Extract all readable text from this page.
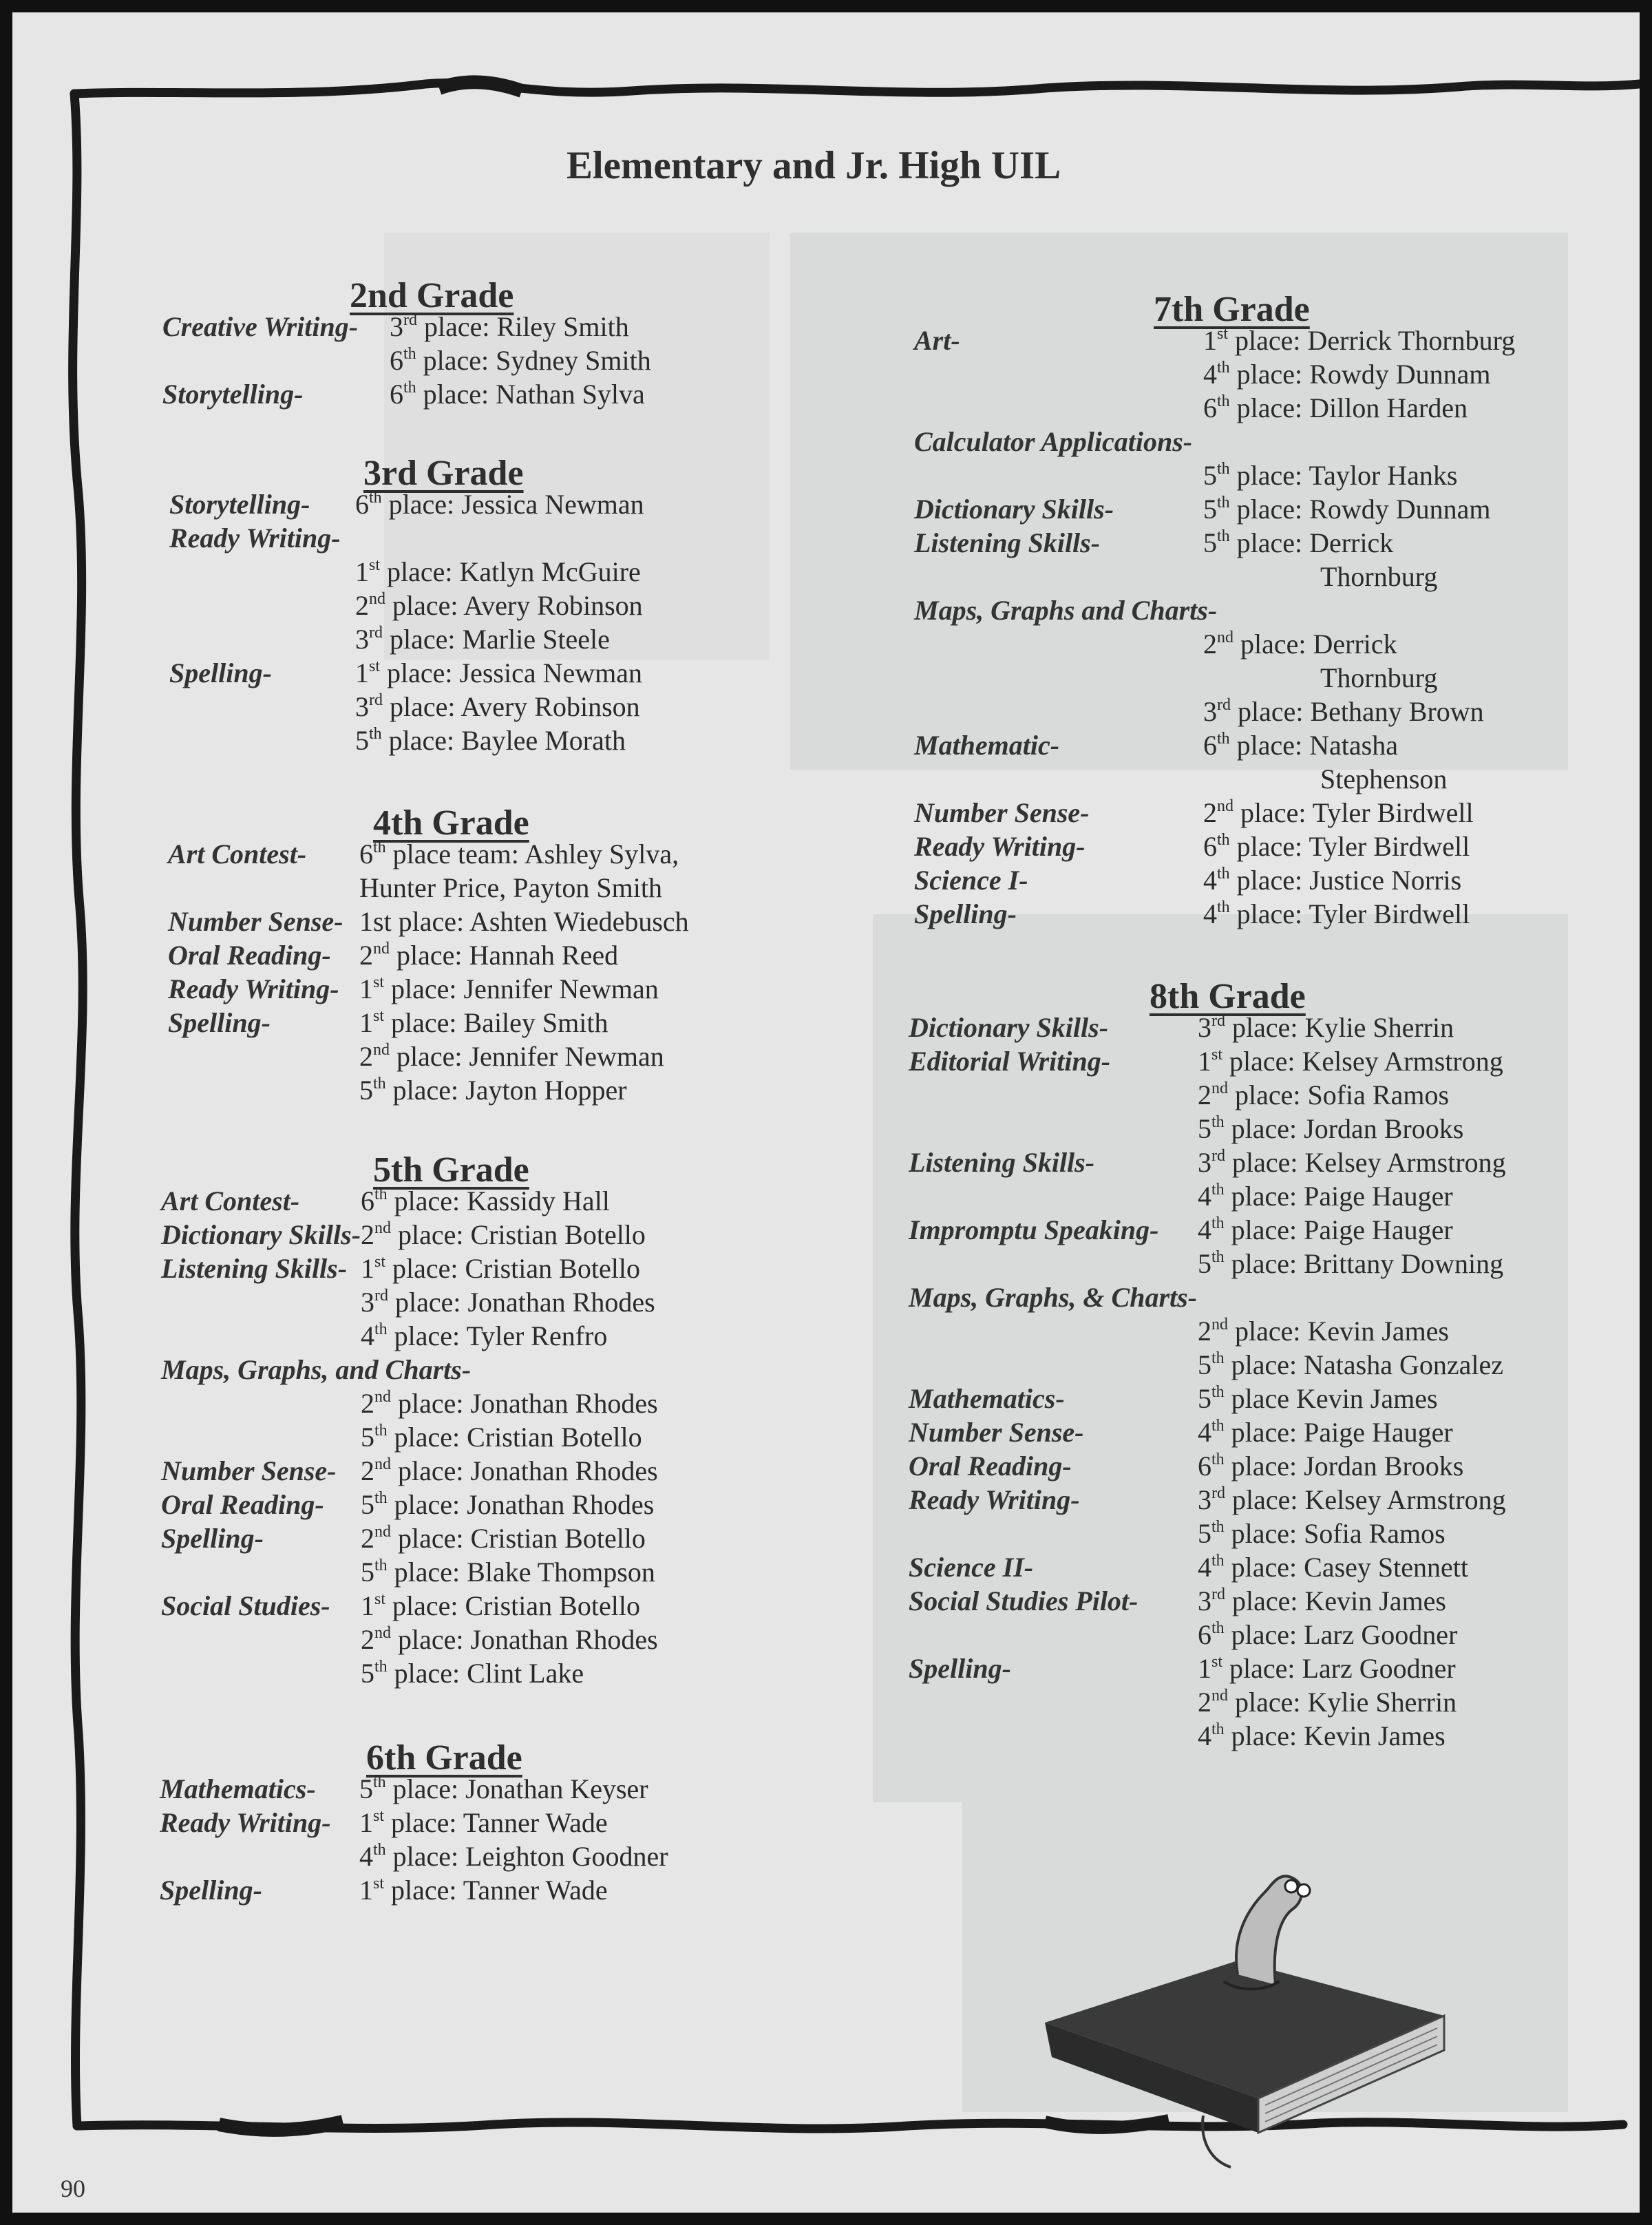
Elementary and Jr. High UIL
90
2nd Grade
Creative Writing- 3rd place: Riley Smith
6th place: Sydney Smith
Storytelling-	6th place: Nathan Sylva
3rd Grade
Storytelling- 6th place: Jessica Newman
Ready Writing-
1st place: Katlyn McGuire
2nd place: Avery Robinson
3rd place: Marlie Steele
Spelling-	1st place: Jessica Newman
3rd place: Avery Robinson
5th place: Baylee Morath
4th Grade
Art Contest- 6th place team: Ashley Sylva,
Hunter Price, Payton Smith
Number Sense- 1st place: Ashten Wiedebusch
Oral Reading- 2nd place: Hannah Reed
Ready Writing- 1st place: Jennifer Newman
Spelling-	1st place: Bailey Smith
2nd place: Jennifer Newman
5th place: Jayton Hopper
5th Grade
Art Contest- 6th place: Kassidy Hall
Dictionary Skills- 2nd place: Cristian Botello
Listening Skills- 1st place: Cristian Botello
3rd place: Jonathan Rhodes
4th place: Tyler Renfro
Maps, Graphs, and Charts-
2nd place: Jonathan Rhodes
5th place: Cristian Botello
Number Sense- 2nd place: Jonathan Rhodes
Oral Reading- 5th place: Jonathan Rhodes
Spelling-	2nd place: Cristian Botello
5th place: Blake Thompson
Social Studies- 1st place: Cristian Botello
2nd place: Jonathan Rhodes
5th place: Clint Lake
6th Grade
Mathematics- 5th place: Jonathan Keyser
Ready Writing- 1st place: Tanner Wade
4th place: Leighton Goodner
Spelling-	1st place: Tanner Wade
7th Grade
Art-	1st place: Derrick Thornburg
4th place: Rowdy Dunnam
6th place: Dillon Harden
Calculator Applications-
5th place: Taylor Hanks
Dictionary Skills-	5th place: Rowdy Dunnam
Listening Skills-	5th place: Derrick
Thornburg
Maps, Graphs and Charts-
2nd place: Derrick
Thornburg
3rd place: Bethany Brown
Mathematic-	6th place: Natasha
Stephenson
Number Sense-	2nd place: Tyler Birdwell
Ready Writing-	6th place: Tyler Birdwell
Science I-	4th place: Justice Norris
Spelling-	4th place: Tyler Birdwell
8th Grade
Dictionary Skills-	3rd place: Kylie Sherrin
Editorial Writing-	1st place: Kelsey Armstrong
2nd place: Sofia Ramos
5th place: Jordan Brooks
Listening Skills-	3rd place: Kelsey Armstrong
4th place: Paige Hauger
Impromptu Speaking- 4th place: Paige Hauger
5th place: Brittany Downing
Maps, Graphs, & Charts-
2nd place: Kevin James
5th place: Natasha Gonzalez
Mathematics-	5th place Kevin James
Number Sense-	4th place: Paige Hauger
Oral Reading-	6th place: Jordan Brooks
Ready Writing-	3rd place: Kelsey Armstrong
5th place: Sofia Ramos
Science II-	4th place: Casey Stennett
Social Studies Pilot- 3rd place: Kevin James
6th place: Larz Goodner
Spelling-	1st place: Larz Goodner
2nd place: Kylie Sherrin
4th place: Kevin James
